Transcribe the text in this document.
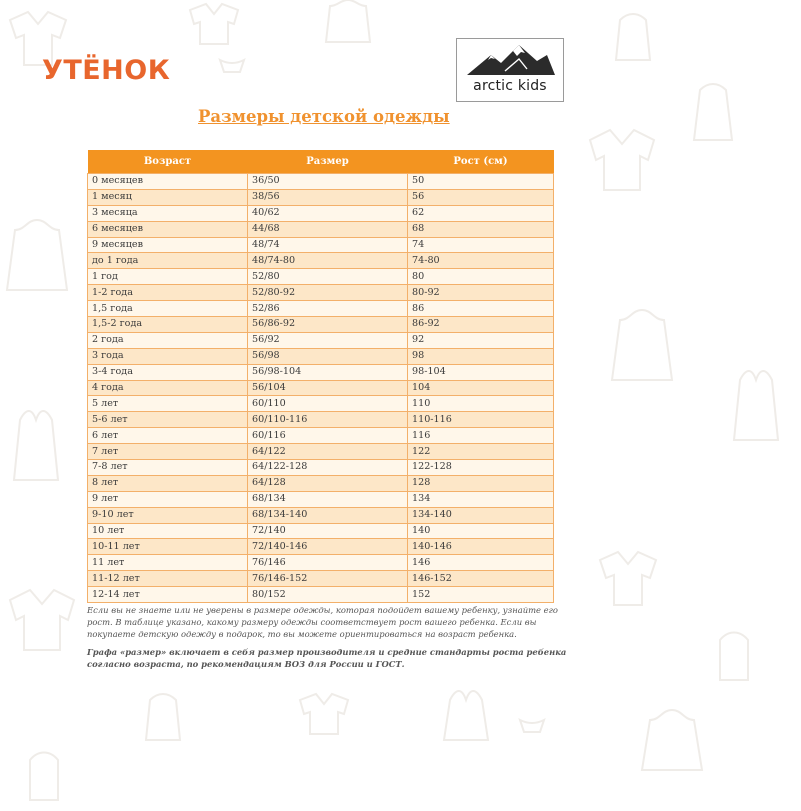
УТЁНОК	arctic kids
Размеры детской одежды
Возраст	Размер	Рост (см)
0 месяцев	36/50	50
1 месяц	38/56	56
3 месяца	40/62	62
6 месяцев	44/68	68
9 месяцев	48/74	74
до 1 года	48/74-80	74-80
1 год	52/80	80
1-2 года	52/80-92	80-92
1,5 года	52/86	86
1,5-2 года	56/86-92	86-92
2 года	56/92	92
3 года	56/98	98
3-4 года	56/98-104	98-104
4 года	56/104	104
5 лет	60/110	110
5-6 лет	60/110-116	110-116
6 лет	60/116	116
7 лет	64/122	122
7-8 лет	64/122-128	122-128
8 лет	64/128	128
9 лет	68/134	134
9-10 лет	68/134-140	134-140
10 лет	72/140	140
10-11 лет	72/140-146	140-146
11 лет	76/146	146
11-12 лет	76/146-152	146-152
12-14 лет	80/152	152
Если вы не знаете или не уверены в размере одежды, которая подойдет вашему ребенку, узнайте его рост. В таблице указано, какому размеру одежды соответствует рост вашего ребенка. Если вы покупаете детскую одежду в подарок, то вы можете ориентироваться на возраст ребенка.
Графа «размер» включает в себя размер производителя и средние стандарты роста ребенка согласно возраста, по рекомендациям ВОЗ для России и ГОСТ.
